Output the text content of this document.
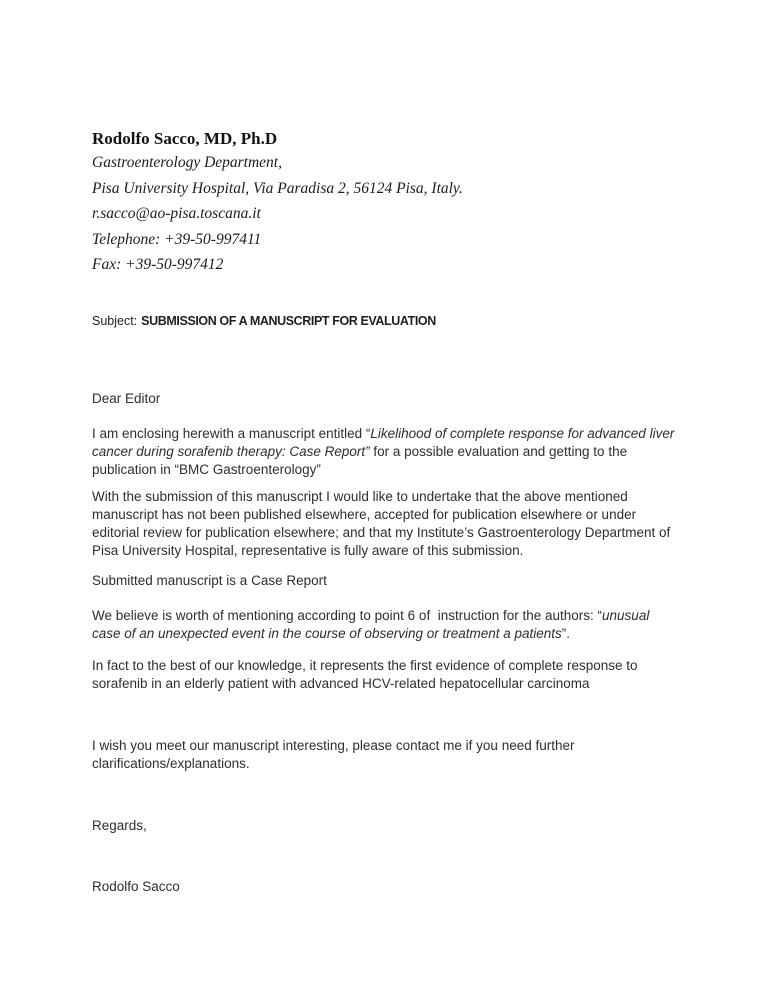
Rodolfo Sacco, MD, Ph.D
Gastroenterology Department,
Pisa University Hospital, Via Paradisa 2, 56124 Pisa, Italy.
r.sacco@ao-pisa.toscana.it
Telephone: +39-50-997411
Fax: +39-50-997412
Subject: SUBMISSION OF A MANUSCRIPT FOR EVALUATION
Dear Editor

I am enclosing herewith a manuscript entitled “Likelihood of complete response for advanced liver cancer during sorafenib therapy: Case Report” for a possible evaluation and getting to the publication in “BMC Gastroenterology”

With the submission of this manuscript I would like to undertake that the above mentioned manuscript has not been published elsewhere, accepted for publication elsewhere or under editorial review for publication elsewhere; and that my Institute’s Gastroenterology Department of Pisa University Hospital, representative is fully aware of this submission.

Submitted manuscript is a Case Report

We believe is worth of mentioning according to point 6 of  instruction for the authors: “unusual case of an unexpected event in the course of observing or treatment a patients”.

In fact to the best of our knowledge, it represents the first evidence of complete response to sorafenib in an elderly patient with advanced HCV-related hepatocellular carcinoma

I wish you meet our manuscript interesting, please contact me if you need further clarifications/explanations.

Regards,
Rodolfo Sacco
